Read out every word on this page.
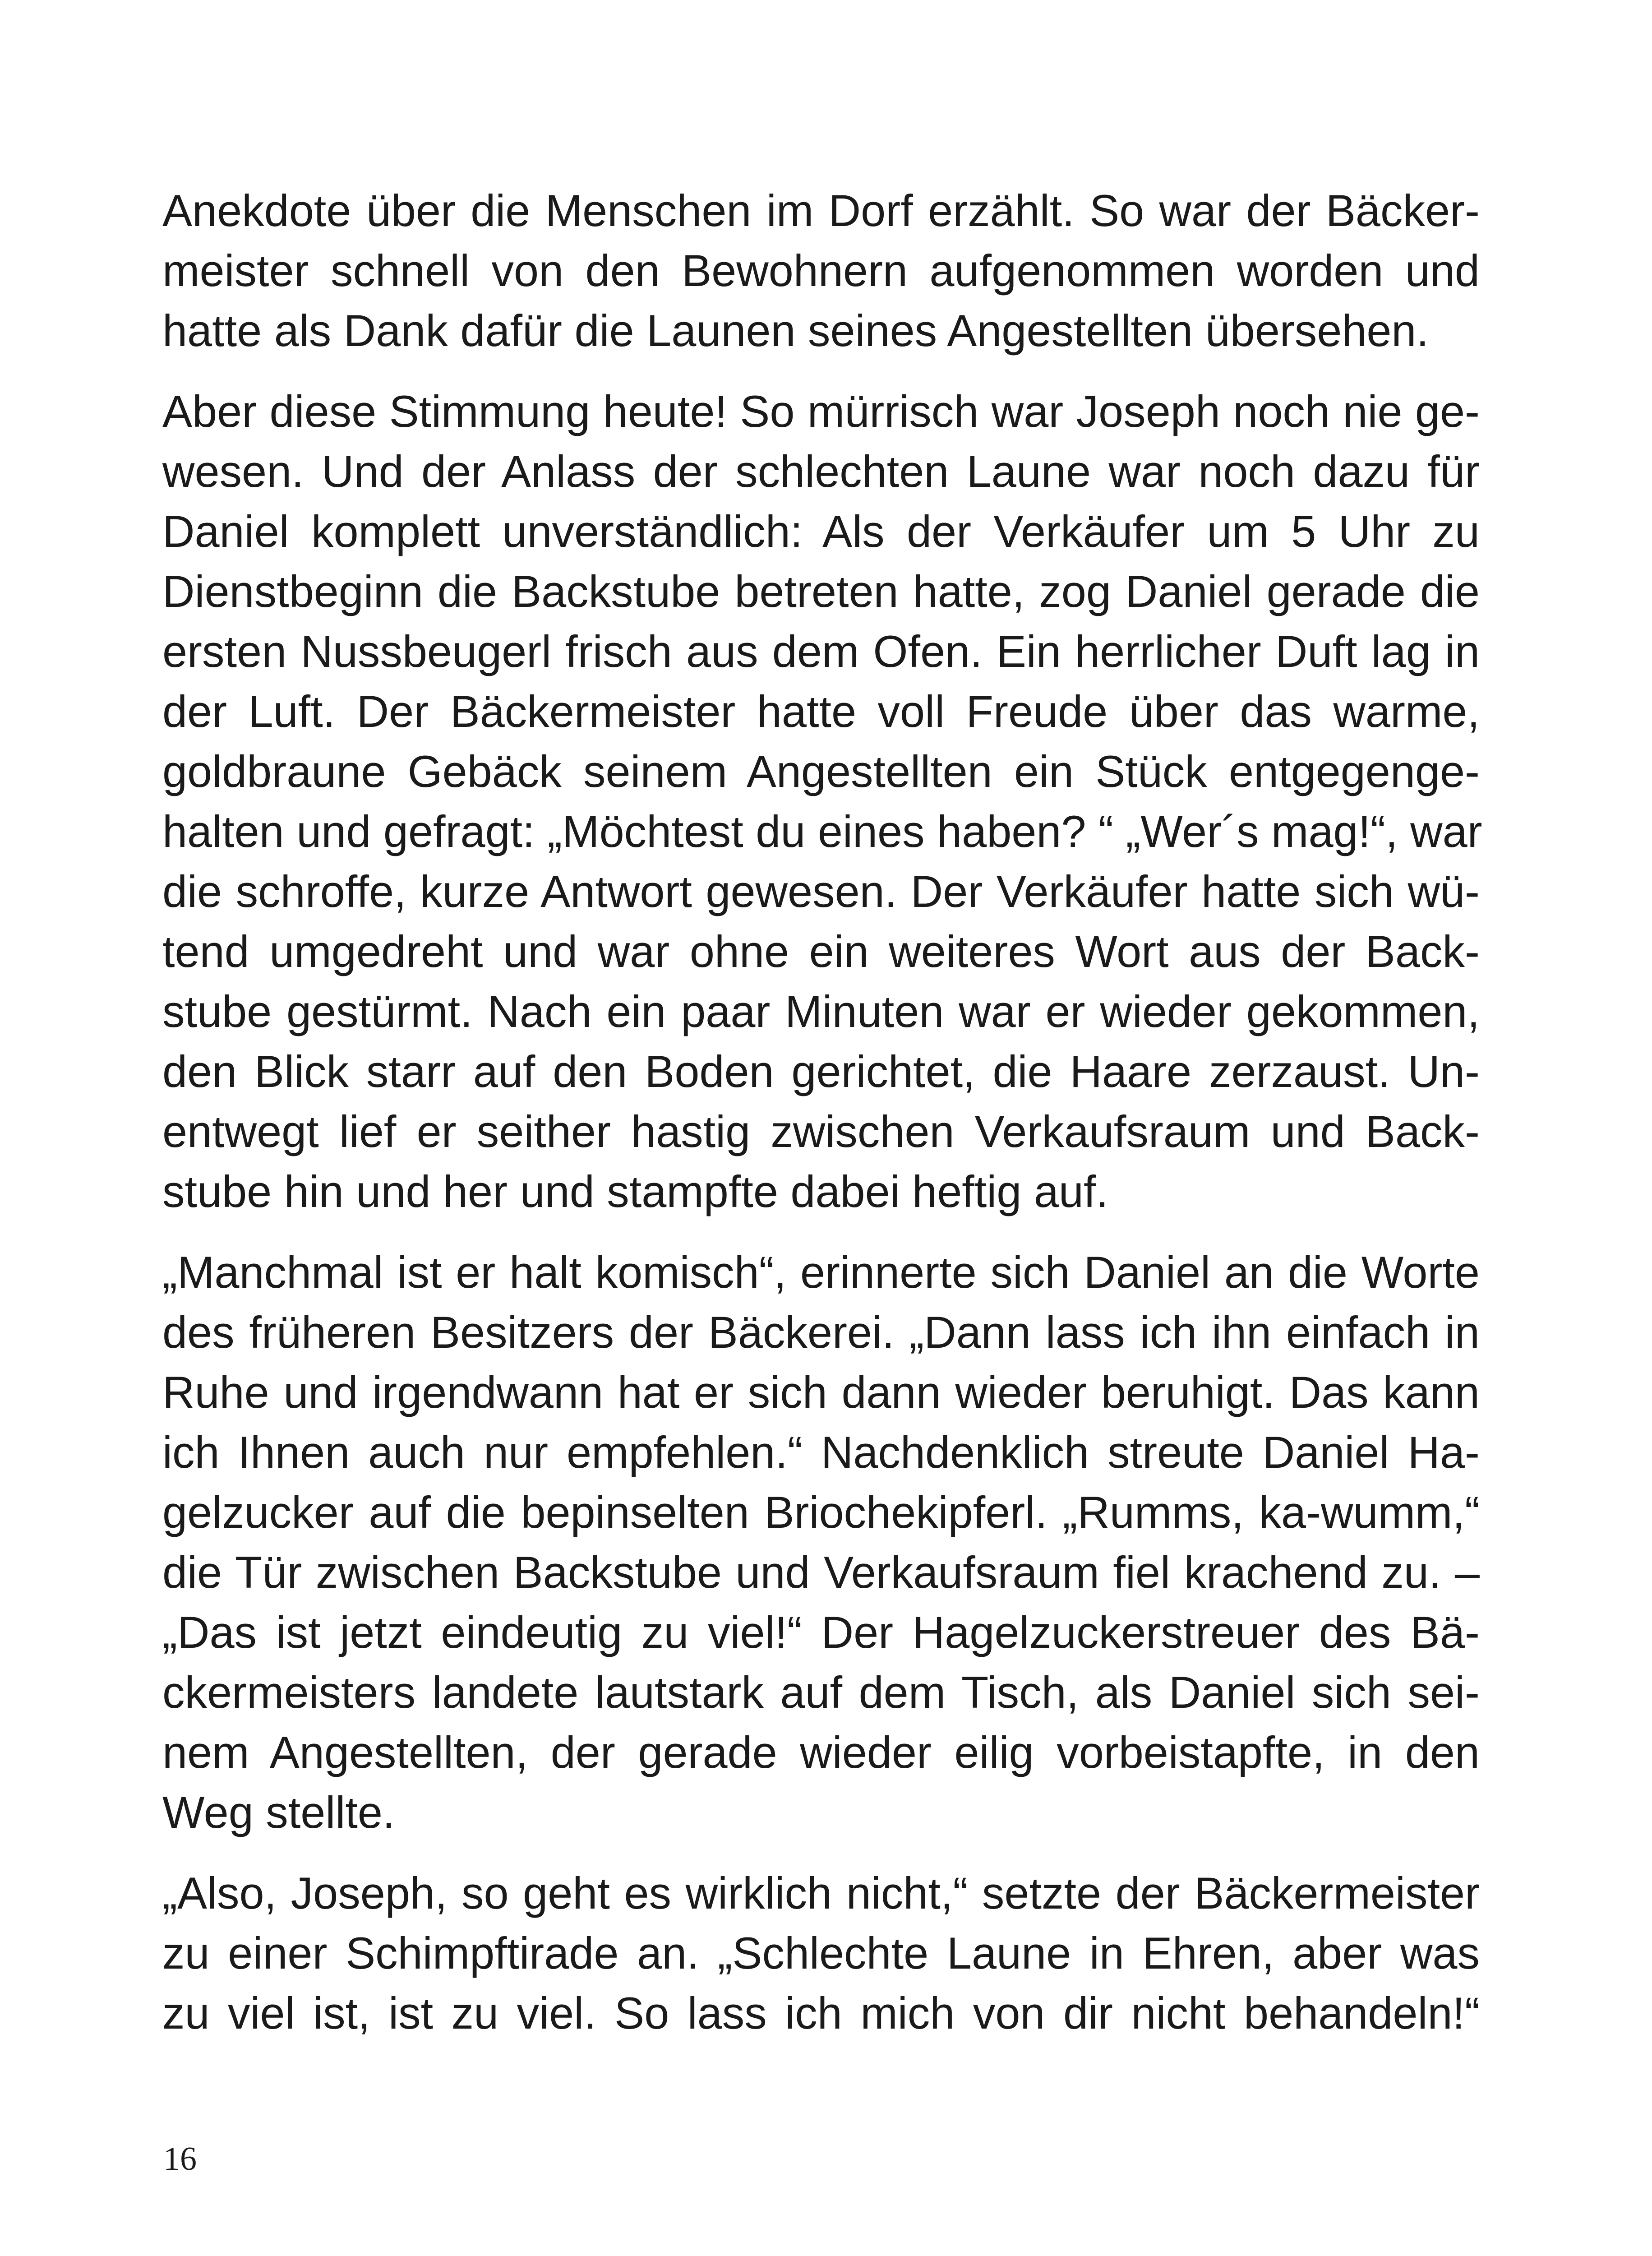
Anekdote über die Menschen im Dorf erzählt. So war der Bäcker-
meister schnell von den Bewohnern aufgenommen worden und
hatte als Dank dafür die Launen seines Angestellten übersehen.
Aber diese Stimmung heute! So mürrisch war Joseph noch nie ge-
wesen. Und der Anlass der schlechten Laune war noch dazu für
Daniel komplett unverständlich: Als der Verkäufer um 5 Uhr zu
Dienstbeginn die Backstube betreten hatte, zog Daniel gerade die
ersten Nussbeugerl frisch aus dem Ofen. Ein herrlicher Duft lag in
der Luft. Der Bäckermeister hatte voll Freude über das warme,
goldbraune Gebäck seinem Angestellten ein Stück entgegenge-
halten und gefragt: „Möchtest du eines haben? “ „Wer´s mag!“, war
die schroffe, kurze Antwort gewesen. Der Verkäufer hatte sich wü-
tend umgedreht und war ohne ein weiteres Wort aus der Back-
stube gestürmt. Nach ein paar Minuten war er wieder gekommen,
den Blick starr auf den Boden gerichtet, die Haare zerzaust. Un-
entwegt lief er seither hastig zwischen Verkaufsraum und Back-
stube hin und her und stampfte dabei heftig auf.
„Manchmal ist er halt komisch“, erinnerte sich Daniel an die Worte
des früheren Besitzers der Bäckerei. „Dann lass ich ihn einfach in
Ruhe und irgendwann hat er sich dann wieder beruhigt. Das kann
ich Ihnen auch nur empfehlen.“ Nachdenklich streute Daniel Ha-
gelzucker auf die bepinselten Briochekipferl. „Rumms, ka-wumm,“
die Tür zwischen Backstube und Verkaufsraum fiel krachend zu. –
„Das ist jetzt eindeutig zu viel!“ Der Hagelzuckerstreuer des Bä-
ckermeisters landete lautstark auf dem Tisch, als Daniel sich sei-
nem Angestellten, der gerade wieder eilig vorbeistapfte, in den
Weg stellte.
„Also, Joseph, so geht es wirklich nicht,“ setzte der Bäckermeister
zu einer Schimpftirade an. „Schlechte Laune in Ehren, aber was
zu viel ist, ist zu viel. So lass ich mich von dir nicht behandeln!“
16
